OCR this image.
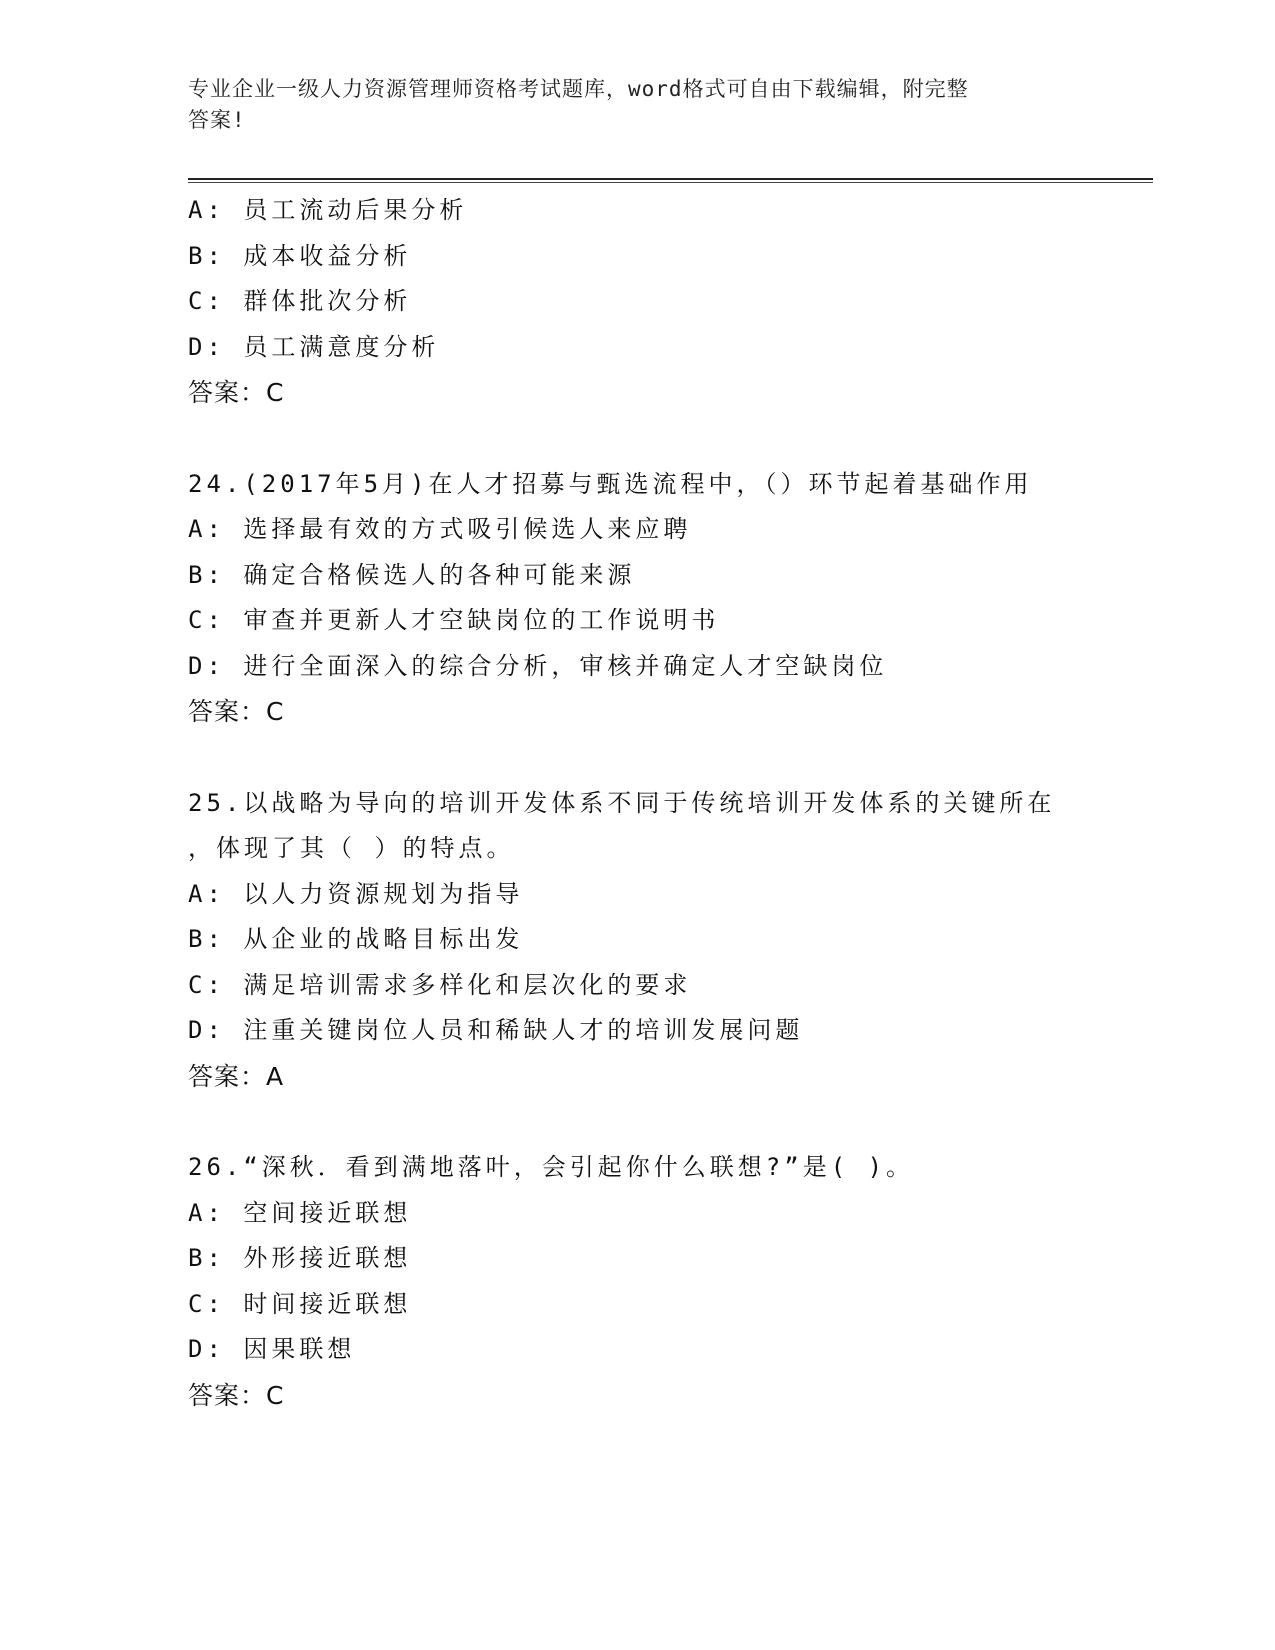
专业企业一级人力资源管理师资格考试题库，word格式可自由下载编辑，附完整
答案!
A: 员工流动后果分析
B: 成本收益分析
C: 群体批次分析
D: 员工满意度分析
答案：C
24.(2017年5月)在人才招募与甄选流程中，（）环节起着基础作用
A: 选择最有效的方式吸引候选人来应聘
B: 确定合格候选人的各种可能来源
C: 审查并更新人才空缺岗位的工作说明书
D: 进行全面深入的综合分析，审核并确定人才空缺岗位
答案：C
25.以战略为导向的培训开发体系不同于传统培训开发体系的关键所在
，体现了其（ ）的特点。
A: 以人力资源规划为指导
B: 从企业的战略目标出发
C: 满足培训需求多样化和层次化的要求
D: 注重关键岗位人员和稀缺人才的培训发展问题
答案：A
26.“深秋．看到满地落叶，会引起你什么联想?”是( )。
A: 空间接近联想
B: 外形接近联想
C: 时间接近联想
D: 因果联想
答案：C
